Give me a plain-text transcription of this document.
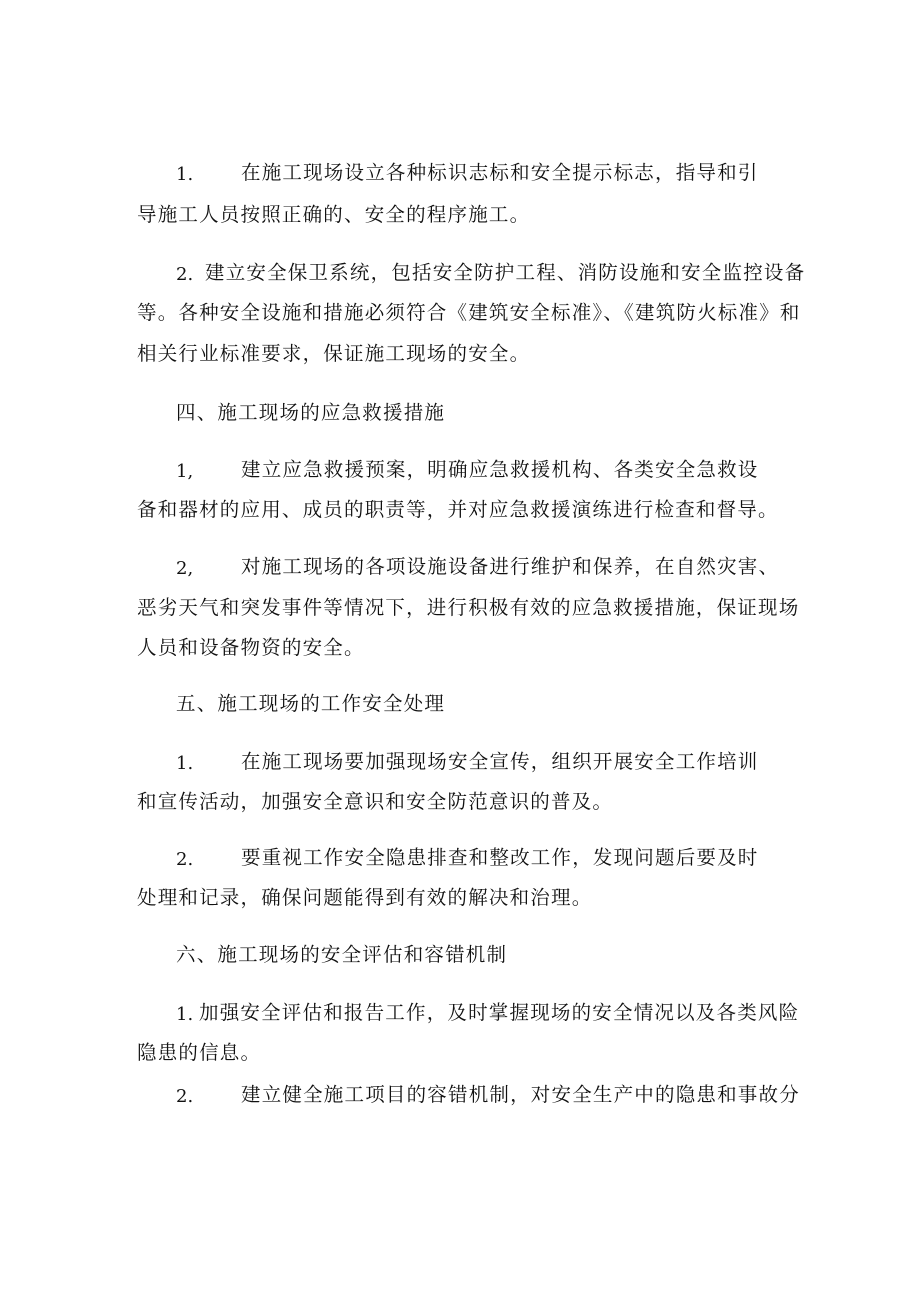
1. 在施工现场设立各种标识志标和安全提示标志，指导和引
导施工人员按照正确的、安全的程序施工。
2. 建立安全保卫系统，包括安全防护工程、消防设施和安全监控设备
等。各种安全设施和措施必须符合《建筑安全标准》、《建筑防火标准》和
相关行业标准要求，保证施工现场的安全。
四、施工现场的应急救援措施
1, 建立应急救援预案，明确应急救援机构、各类安全急救设
备和器材的应用、成员的职责等，并对应急救援演练进行检查和督导。
2, 对施工现场的各项设施设备进行维护和保养，在自然灾害、
恶劣天气和突发事件等情况下，进行积极有效的应急救援措施，保证现场
人员和设备物资的安全。
五、施工现场的工作安全处理
1. 在施工现场要加强现场安全宣传，组织开展安全工作培训
和宣传活动，加强安全意识和安全防范意识的普及。
2. 要重视工作安全隐患排查和整改工作，发现问题后要及时
处理和记录，确保问题能得到有效的解决和治理。
六、施工现场的安全评估和容错机制
1. 加强安全评估和报告工作，及时掌握现场的安全情况以及各类风险
隐患的信息。
2. 建立健全施工项目的容错机制，对安全生产中的隐患和事故分
